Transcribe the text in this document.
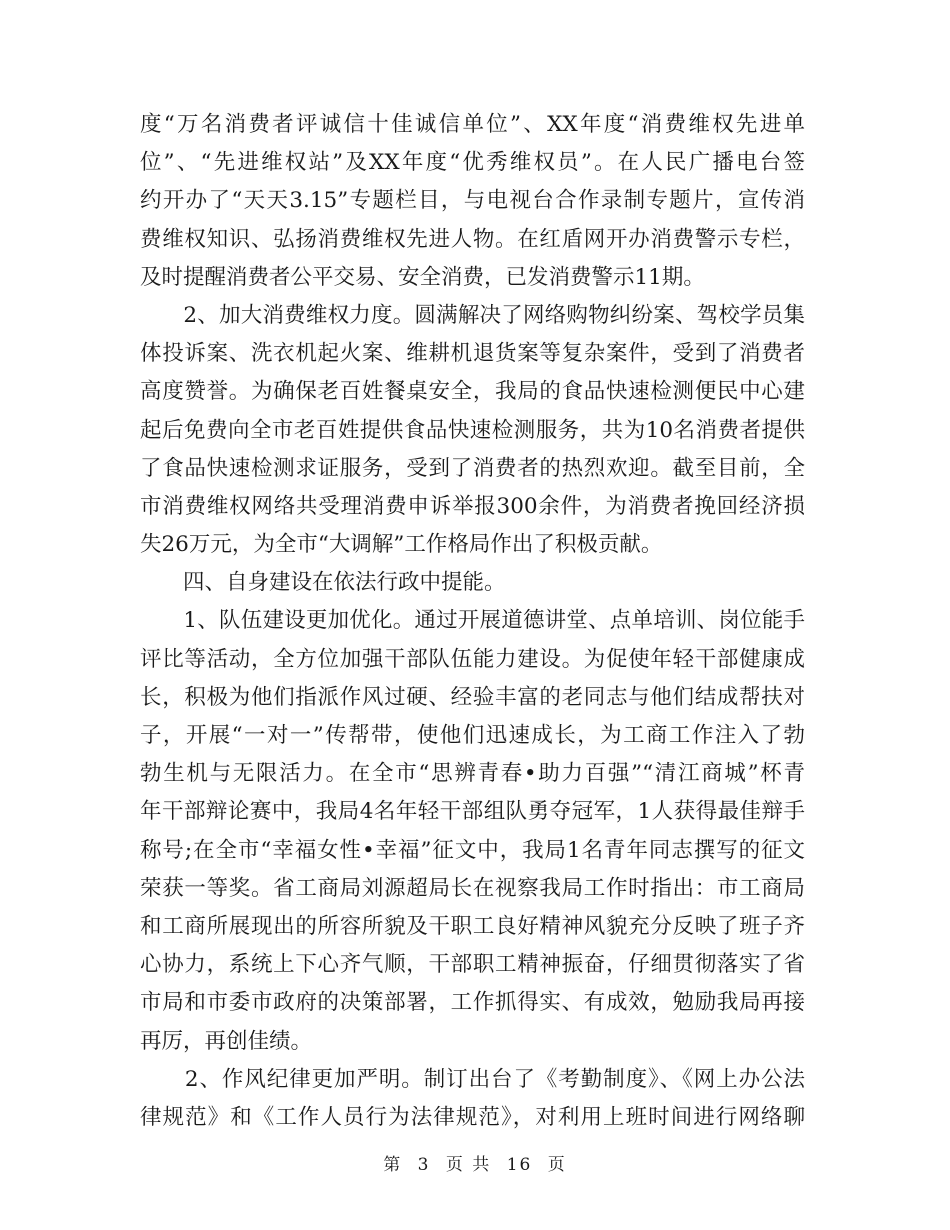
度“万名消费者评诚信十佳诚信单位”、XX年度“消费维权先进单
位”、“先进维权站”及XX年度“优秀维权员”。在人民广播电台签
约开办了“天天3.15”专题栏目，与电视台合作录制专题片，宣传消
费维权知识、弘扬消费维权先进人物。在红盾网开办消费警示专栏，
及时提醒消费者公平交易、安全消费，已发消费警示11期。
　　2、加大消费维权力度。圆满解决了网络购物纠纷案、驾校学员集
体投诉案、洗衣机起火案、维耕机退货案等复杂案件，受到了消费者
高度赞誉。为确保老百姓餐桌安全，我局的食品快速检测便民中心建
起后免费向全市老百姓提供食品快速检测服务，共为10名消费者提供
了食品快速检测求证服务，受到了消费者的热烈欢迎。截至目前，全
市消费维权网络共受理消费申诉举报300余件，为消费者挽回经济损
失26万元，为全市“大调解”工作格局作出了积极贡献。
　　四、自身建设在依法行政中提能。
　　1、队伍建设更加优化。通过开展道德讲堂、点单培训、岗位能手
评比等活动，全方位加强干部队伍能力建设。为促使年轻干部健康成
长，积极为他们指派作风过硬、经验丰富的老同志与他们结成帮扶对
子，开展“一对一”传帮带，使他们迅速成长，为工商工作注入了勃
勃生机与无限活力。在全市“思辨青春•助力百强”“清江商城”杯青
年干部辩论赛中，我局4名年轻干部组队勇夺冠军，1人获得最佳辩手
称号;在全市“幸福女性•幸福”征文中，我局1名青年同志撰写的征文
荣获一等奖。省工商局刘源超局长在视察我局工作时指出：市工商局
和工商所展现出的所容所貌及干职工良好精神风貌充分反映了班子齐
心协力，系统上下心齐气顺，干部职工精神振奋，仔细贯彻落实了省
市局和市委市政府的决策部署，工作抓得实、有成效，勉励我局再接
再厉，再创佳绩。
　　2、作风纪律更加严明。制订出台了《考勤制度》、《网上办公法
律规范》和《工作人员行为法律规范》，对利用上班时间进行网络聊
第 3 页 共 16 页
